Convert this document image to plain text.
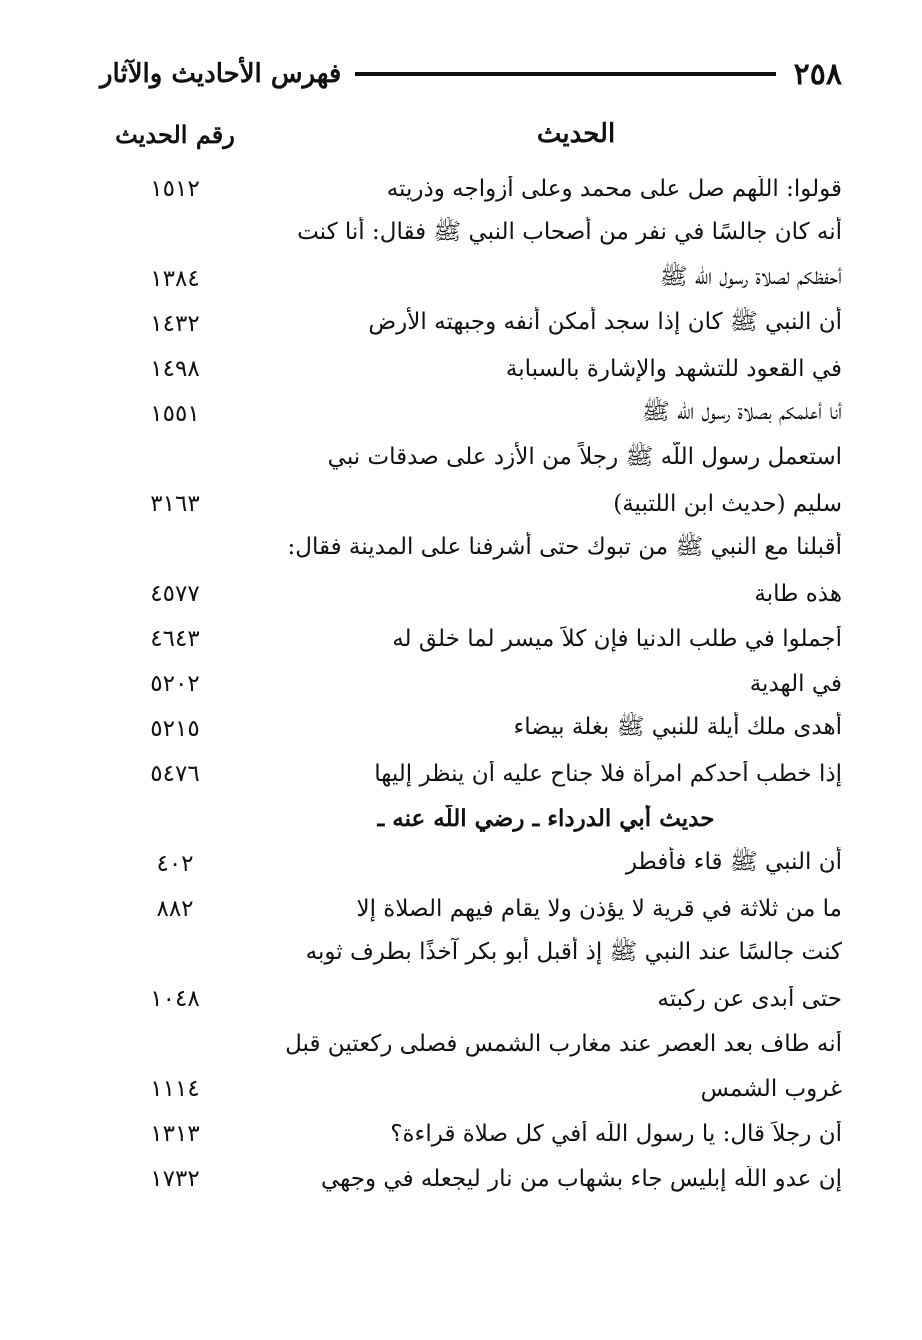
٢٥٨
فهرس الأحاديث والآثار
الحديث
رقم الحديث
قولوا: اللّهم صل على محمد وعلى أزواجه وذريته
١٥١٢
أنه كان جالسًا في نفر من أصحاب النبي ﷺ فقال: أنا كنت
أحفظكم لصلاة رسول اللّه ﷺ
١٣٨٤
أن النبي ﷺ كان إذا سجد أمكن أنفه وجبهته الأرض
١٤٣٢
في القعود للتشهد والإشارة بالسبابة
١٤٩٨
أنا أعلمكم بصلاة رسول اللّه ﷺ
١٥٥١
استعمل رسول اللّه ﷺ رجلاً من الأزد على صدقات نبي
سليم (حديث ابن اللتبية)
٣١٦٣
أقبلنا مع النبي ﷺ من تبوك حتى أشرفنا على المدينة فقال:
هذه طابة
٤٥٧٧
أجملوا في طلب الدنيا فإن كلاً ميسر لما خلق له
٤٦٤٣
في الهدية
٥٢٠٢
أهدى ملك أيلة للنبي ﷺ بغلة بيضاء
٥٢١٥
إذا خطب أحدكم امرأة فلا جناح عليه أن ينظر إليها
٥٤٧٦
حديث أبي الدرداء ـ رضي اللّه عنه ـ
أن النبي ﷺ قاء فأفطر
٤٠٢
ما من ثلاثة في قرية لا يؤذن ولا يقام فيهم الصلاة إلا
٨٨٢
كنت جالسًا عند النبي ﷺ إذ أقبل أبو بكر آخذًا بطرف ثوبه
حتى أبدى عن ركبته
١٠٤٨
أنه طاف بعد العصر عند مغارب الشمس فصلى ركعتين قبل
غروب الشمس
١١١٤
أن رجلاً قال: يا رسول اللّه أفي كل صلاة قراءة؟
١٣١٣
إن عدو اللّه إبليس جاء بشهاب من نار ليجعله في وجهي
١٧٣٢
